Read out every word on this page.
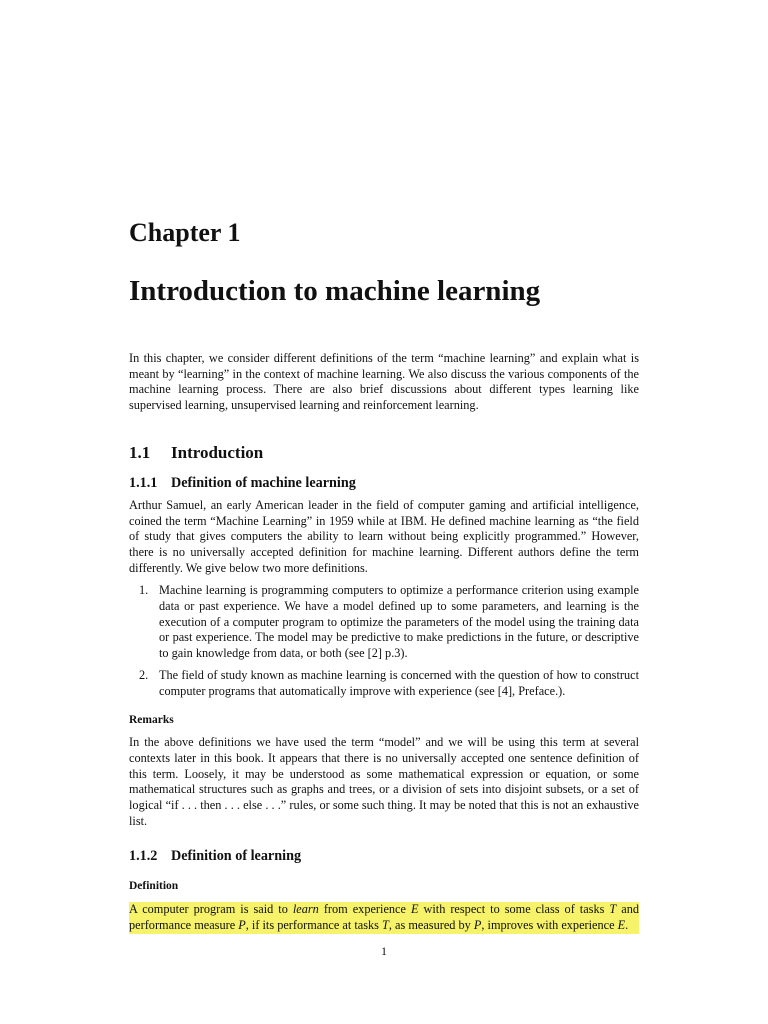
Chapter 1
Introduction to machine learning

In this chapter, we consider different definitions of the term “machine learning” and explain what is meant by “learning” in the context of machine learning. We also discuss the various components of the machine learning process. There are also brief discussions about different types learning like supervised learning, unsupervised learning and reinforcement learning.

1.1 Introduction
1.1.1 Definition of machine learning

Arthur Samuel, an early American leader in the field of computer gaming and artificial intelligence, coined the term “Machine Learning” in 1959 while at IBM. He defined machine learning as “the field of study that gives computers the ability to learn without being explicitly programmed.” However, there is no universally accepted definition for machine learning. Different authors define the term differently. We give below two more definitions.

1. Machine learning is programming computers to optimize a performance criterion using example data or past experience. We have a model defined up to some parameters, and learning is the execution of a computer program to optimize the parameters of the model using the training data or past experience. The model may be predictive to make predictions in the future, or descriptive to gain knowledge from data, or both (see [2] p.3).
2. The field of study known as machine learning is concerned with the question of how to construct computer programs that automatically improve with experience (see [4], Preface.).
Remarks

In the above definitions we have used the term “model” and we will be using this term at several contexts later in this book. It appears that there is no universally accepted one sentence definition of this term. Loosely, it may be understood as some mathematical expression or equation, or some mathematical structures such as graphs and trees, or a division of sets into disjoint subsets, or a set of logical “if . . . then . . . else . . .” rules, or some such thing. It may be noted that this is not an exhaustive list.

1.1.2 Definition of learning
Definition
A computer program is said to learn from experience E with respect to some class of tasks T and performance measure P, if its performance at tasks T, as measured by P, improves with experience E.
1
